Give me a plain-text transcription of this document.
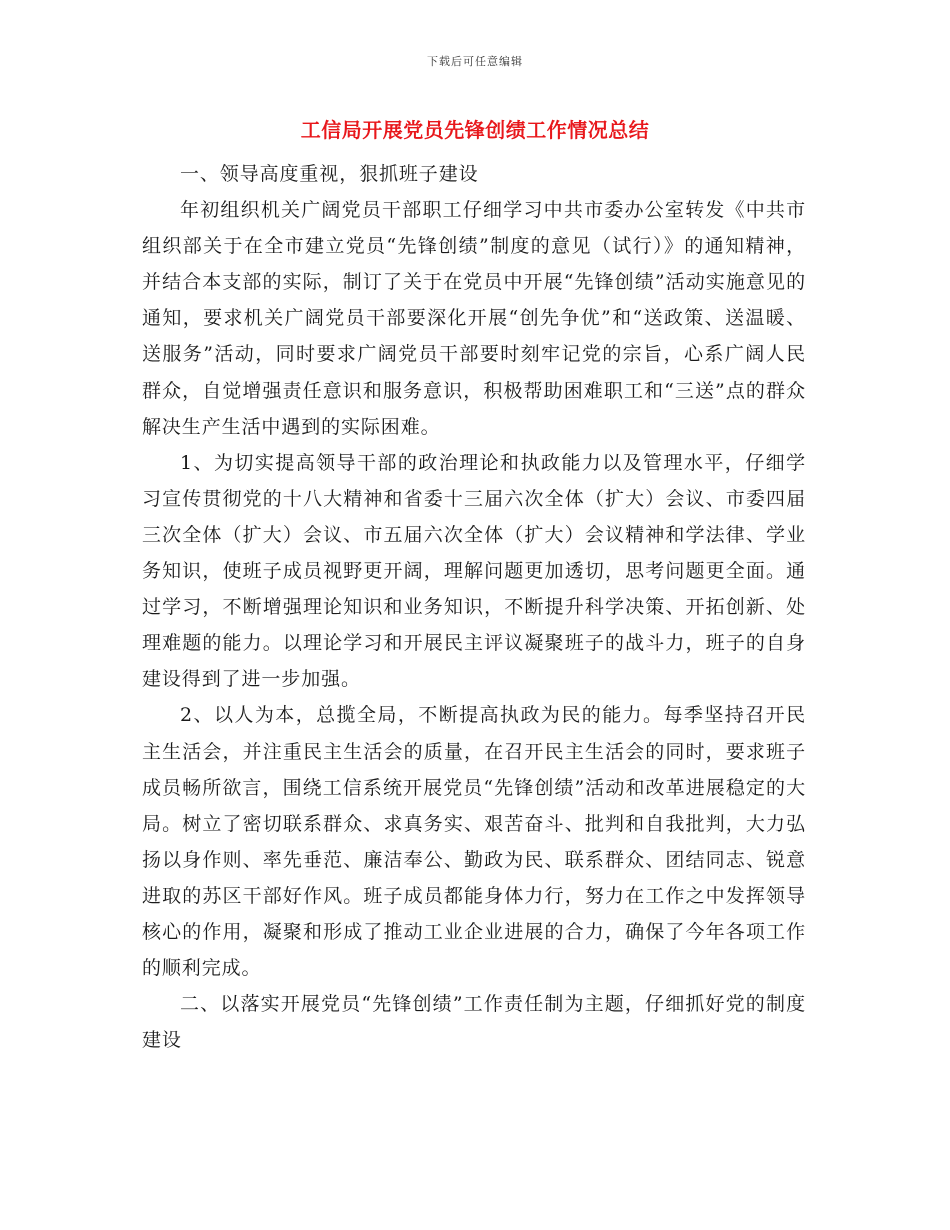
下载后可任意编辑
工信局开展党员先锋创绩工作情况总结

一、领导高度重视，狠抓班子建设

年初组织机关广阔党员干部职工仔细学习中共市委办公室转发《中共市组织部关于在全市建立党员“先锋创绩”制度的意见（试行）》的通知精神，并结合本支部的实际，制订了关于在党员中开展“先锋创绩”活动实施意见的通知，要求机关广阔党员干部要深化开展“创先争优”和“送政策、送温暖、送服务”活动，同时要求广阔党员干部要时刻牢记党的宗旨，心系广阔人民群众，自觉增强责任意识和服务意识，积极帮助困难职工和“三送”点的群众解决生产生活中遇到的实际困难。

1、为切实提高领导干部的政治理论和执政能力以及管理水平，仔细学习宣传贯彻党的十八大精神和省委十三届六次全体（扩大）会议、市委四届三次全体（扩大）会议、市五届六次全体（扩大）会议精神和学法律、学业务知识，使班子成员视野更开阔，理解问题更加透切，思考问题更全面。通过学习，不断增强理论知识和业务知识，不断提升科学决策、开拓创新、处理难题的能力。以理论学习和开展民主评议凝聚班子的战斗力，班子的自身建设得到了进一步加强。

2、以人为本，总揽全局，不断提高执政为民的能力。每季坚持召开民主生活会，并注重民主生活会的质量，在召开民主生活会的同时，要求班子成员畅所欲言，围绕工信系统开展党员“先锋创绩”活动和改革进展稳定的大局。树立了密切联系群众、求真务实、艰苦奋斗、批判和自我批判，大力弘扬以身作则、率先垂范、廉洁奉公、勤政为民、联系群众、团结同志、锐意进取的苏区干部好作风。班子成员都能身体力行，努力在工作之中发挥领导核心的作用，凝聚和形成了推动工业企业进展的合力，确保了今年各项工作的顺利完成。

二、以落实开展党员“先锋创绩”工作责任制为主题，仔细抓好党的制度建设
